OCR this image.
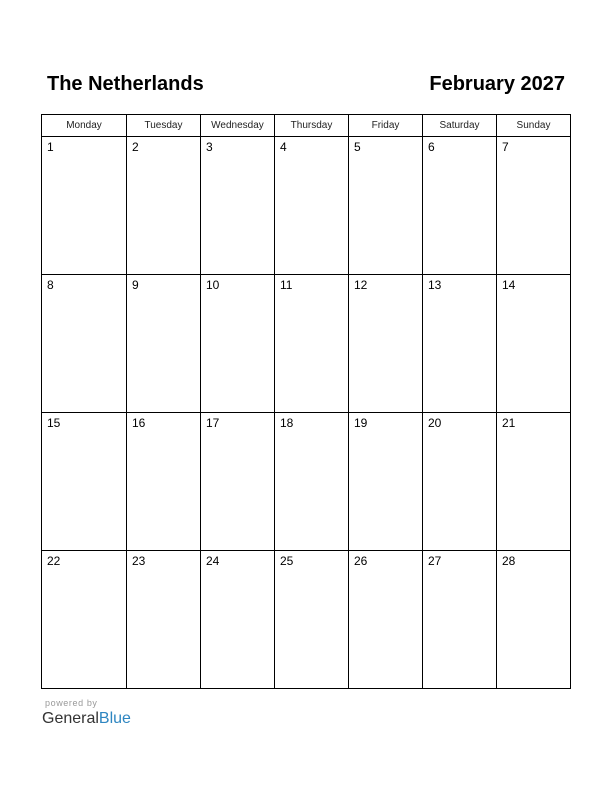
The Netherlands	February 2027
Monday	Tuesday	Wednesday	Thursday	Friday	Saturday	Sunday

1	2	3	4	5	6	7

8	9	10	11	12	13	14

15	16	17	18	19	20	21

22	23	24	25	26	27	28
powered by
GeneralBlue
